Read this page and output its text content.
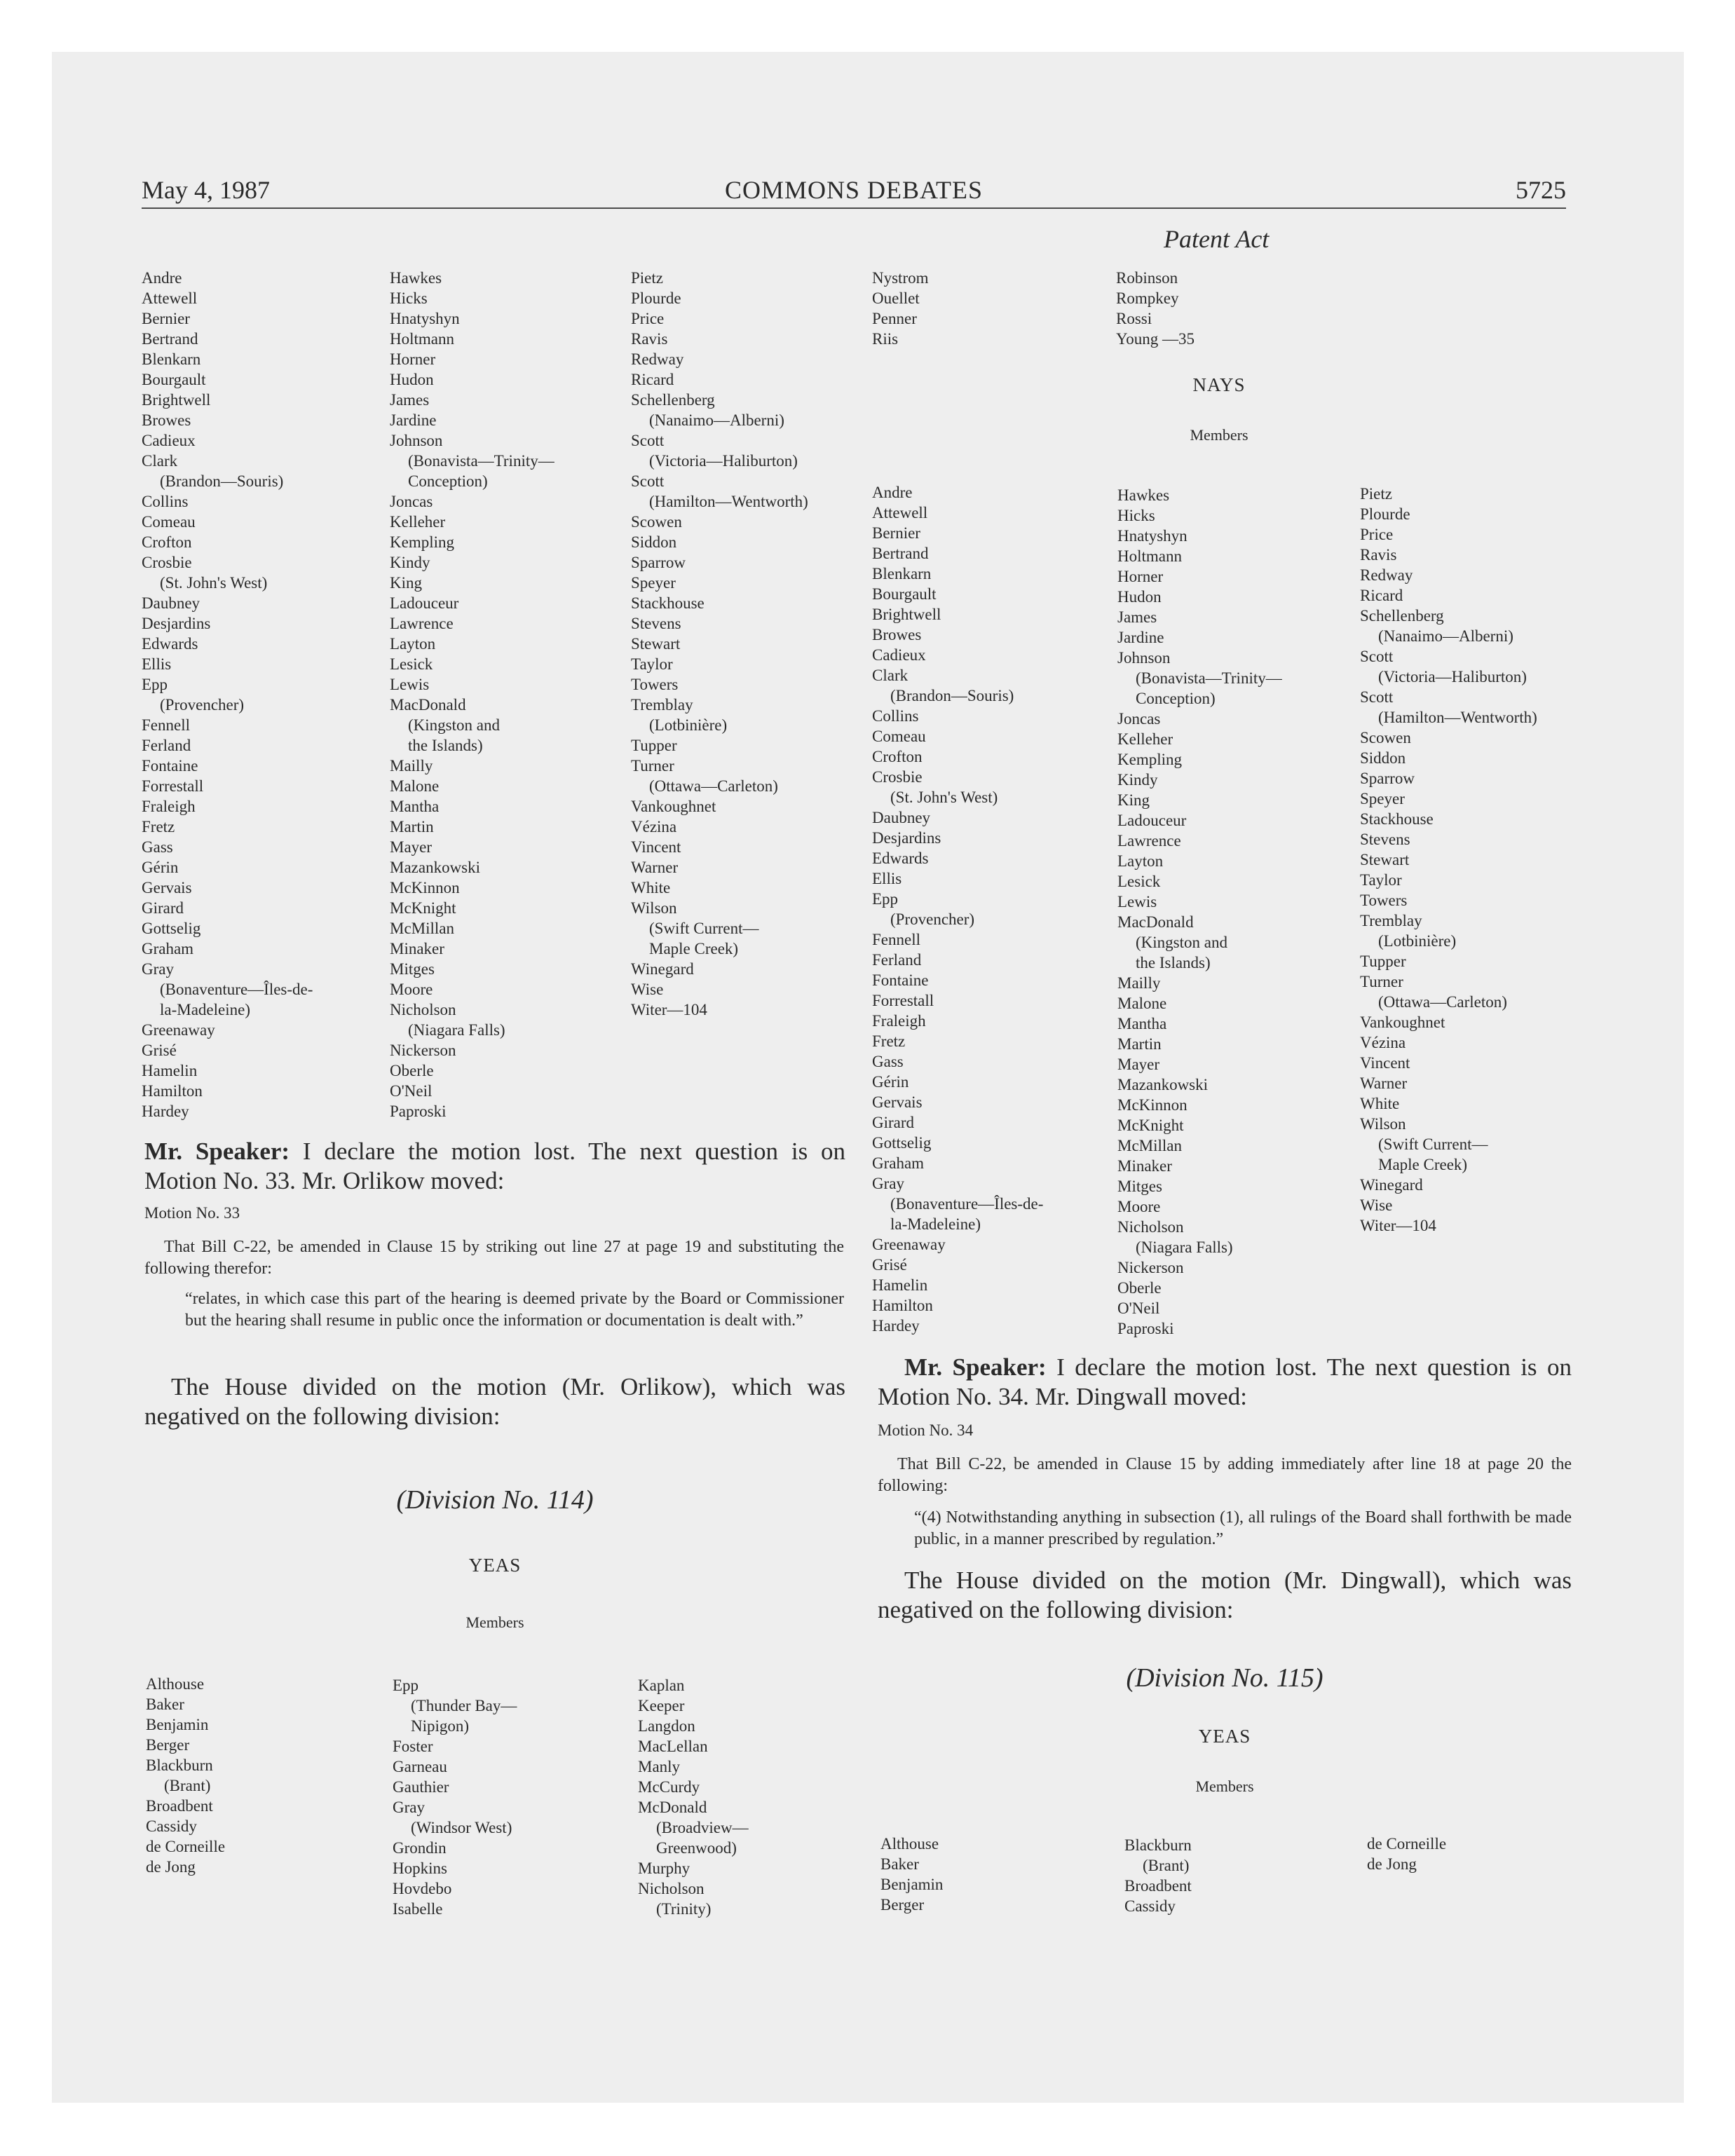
May 4, 1987	COMMONS DEBATES	5725
Patent Act
Andre
Attewell
Bernier
Bertrand
Blenkarn
Bourgault
Brightwell
Browes
Cadieux
Clark
(Brandon—Souris)
Collins
Comeau
Crofton
Crosbie
(St. John's West)
Daubney
Desjardins
Edwards
Ellis
Epp
(Provencher)
Fennell
Ferland
Fontaine
Forrestall
Fraleigh
Fretz
Gass
Gérin
Gervais
Girard
Gottselig
Graham
Gray
(Bonaventure—Îles-de-
la-Madeleine)
Greenaway
Grisé
Hamelin
Hamilton
Hardey
Hawkes
Hicks
Hnatyshyn
Holtmann
Horner
Hudon
James
Jardine
Johnson
(Bonavista—Trinity—
Conception)
Joncas
Kelleher
Kempling
Kindy
King
Ladouceur
Lawrence
Layton
Lesick
Lewis
MacDonald
(Kingston and
the Islands)
Mailly
Malone
Mantha
Martin
Mayer
Mazankowski
McKinnon
McKnight
McMillan
Minaker
Mitges
Moore
Nicholson
(Niagara Falls)
Nickerson
Oberle
O'Neil
Paproski
Pietz
Plourde
Price
Ravis
Redway
Ricard
Schellenberg
(Nanaimo—Alberni)
Scott
(Victoria—Haliburton)
Scott
(Hamilton—Wentworth)
Scowen
Siddon
Sparrow
Speyer
Stackhouse
Stevens
Stewart
Taylor
Towers
Tremblay
(Lotbinière)
Tupper
Turner
(Ottawa—Carleton)
Vankoughnet
Vézina
Vincent
Warner
White
Wilson
(Swift Current—
Maple Creek)
Winegard
Wise
Witer—104
Mr. Speaker: I declare the motion lost. The next question is on Motion No. 33. Mr. Orlikow moved:
Motion No. 33
That Bill C-22, be amended in Clause 15 by striking out line 27 at page 19 and substituting the following therefor:
“relates, in which case this part of the hearing is deemed private by the Board or Commissioner but the hearing shall resume in public once the information or documentation is dealt with.”
The House divided on the motion (Mr. Orlikow), which was negatived on the following division:
(Division No. 114)
YEAS
Members
Althouse
Baker
Benjamin
Berger
Blackburn
(Brant)
Broadbent
Cassidy
de Corneille
de Jong
Epp
(Thunder Bay—
Nipigon)
Foster
Garneau
Gauthier
Gray
(Windsor West)
Grondin
Hopkins
Hovdebo
Isabelle
Kaplan
Keeper
Langdon
MacLellan
Manly
McCurdy
McDonald
(Broadview—
Greenwood)
Murphy
Nicholson
(Trinity)
Nystrom
Ouellet
Penner
Riis
Robinson
Rompkey
Rossi
Young —35
NAYS
Members
Andre
Attewell
Bernier
Bertrand
Blenkarn
Bourgault
Brightwell
Browes
Cadieux
Clark
(Brandon—Souris)
Collins
Comeau
Crofton
Crosbie
(St. John's West)
Daubney
Desjardins
Edwards
Ellis
Epp
(Provencher)
Fennell
Ferland
Fontaine
Forrestall
Fraleigh
Fretz
Gass
Gérin
Gervais
Girard
Gottselig
Graham
Gray
(Bonaventure—Îles-de-
la-Madeleine)
Greenaway
Grisé
Hamelin
Hamilton
Hardey
Hawkes
Hicks
Hnatyshyn
Holtmann
Horner
Hudon
James
Jardine
Johnson
(Bonavista—Trinity—
Conception)
Joncas
Kelleher
Kempling
Kindy
King
Ladouceur
Lawrence
Layton
Lesick
Lewis
MacDonald
(Kingston and
the Islands)
Mailly
Malone
Mantha
Martin
Mayer
Mazankowski
McKinnon
McKnight
McMillan
Minaker
Mitges
Moore
Nicholson
(Niagara Falls)
Nickerson
Oberle
O'Neil
Paproski
Pietz
Plourde
Price
Ravis
Redway
Ricard
Schellenberg
(Nanaimo—Alberni)
Scott
(Victoria—Haliburton)
Scott
(Hamilton—Wentworth)
Scowen
Siddon
Sparrow
Speyer
Stackhouse
Stevens
Stewart
Taylor
Towers
Tremblay
(Lotbinière)
Tupper
Turner
(Ottawa—Carleton)
Vankoughnet
Vézina
Vincent
Warner
White
Wilson
(Swift Current—
Maple Creek)
Winegard
Wise
Witer—104
Mr. Speaker: I declare the motion lost. The next question is on Motion No. 34. Mr. Dingwall moved:
Motion No. 34
That Bill C-22, be amended in Clause 15 by adding immediately after line 18 at page 20 the following:
“(4) Notwithstanding anything in subsection (1), all rulings of the Board shall forthwith be made public, in a manner prescribed by regulation.”
The House divided on the motion (Mr. Dingwall), which was negatived on the following division:
(Division No. 115)
YEAS
Members
Althouse
Baker
Benjamin
Berger
Blackburn
(Brant)
Broadbent
Cassidy
de Corneille
de Jong
